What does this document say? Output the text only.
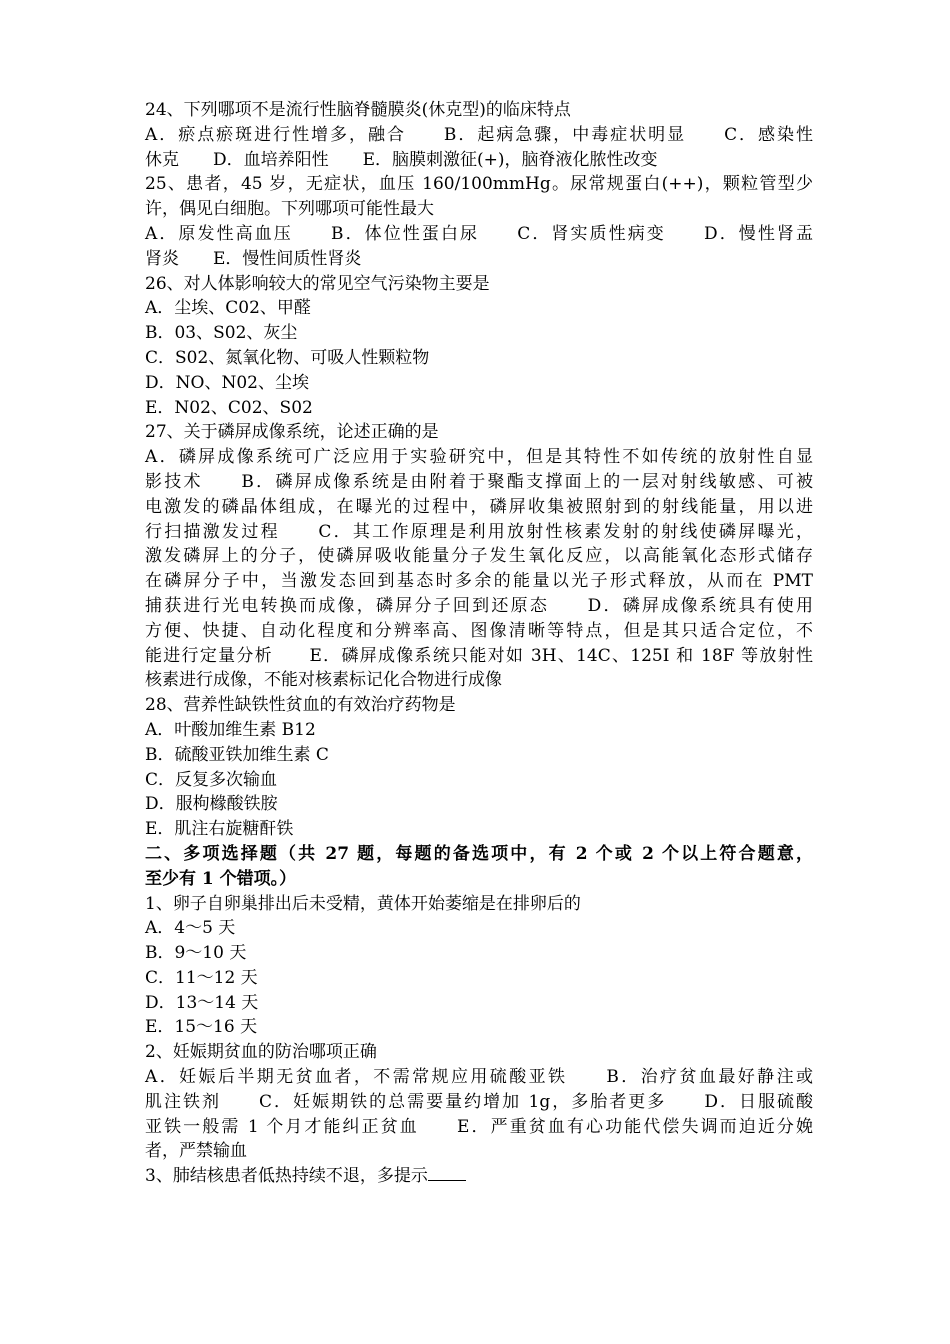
24、下列哪项不是流行性脑脊髓膜炎(休克型)的临床特点
A．瘀点瘀斑进行性增多，融合　　B．起病急骤，中毒症状明显　　C．感染性
休克　　D．血培养阳性　　E．脑膜刺激征(+)，脑脊液化脓性改变
25、患者，45 岁，无症状，血压 160/100mmHg。尿常规蛋白(++)，颗粒管型少
许，偶见白细胞。下列哪项可能性最大
A．原发性高血压　　B．体位性蛋白尿　　C．肾实质性病变　　D．慢性肾盂
肾炎　　E．慢性间质性肾炎
26、对人体影响较大的常见空气污染物主要是
A．尘埃、C02、甲醛
B．03、S02、灰尘
C．S02、氮氧化物、可吸人性颗粒物
D．NO、N02、尘埃
E．N02、C02、S02
27、关于磷屏成像系统，论述正确的是
A．磷屏成像系统可广泛应用于实验研究中，但是其特性不如传统的放射性自显
影技术　　B．磷屏成像系统是由附着于聚酯支撑面上的一层对射线敏感、可被
电激发的磷晶体组成，在曝光的过程中，磷屏收集被照射到的射线能量，用以进
行扫描激发过程　　C．其工作原理是利用放射性核素发射的射线使磷屏曝光，
激发磷屏上的分子，使磷屏吸收能量分子发生氧化反应，以高能氧化态形式储存
在磷屏分子中，当激发态回到基态时多余的能量以光子形式释放，从而在 PMT
捕获进行光电转换而成像，磷屏分子回到还原态　　D．磷屏成像系统具有使用
方便、快捷、自动化程度和分辨率高、图像清晰等特点，但是其只适合定位，不
能进行定量分析　　E．磷屏成像系统只能对如 3H、14C、125I 和 18F 等放射性
核素进行成像，不能对核素标记化合物进行成像
28、营养性缺铁性贫血的有效治疗药物是
A．叶酸加维生素 B12
B．硫酸亚铁加维生素 C
C．反复多次输血
D．服枸橼酸铁胺
E．肌注右旋糖酐铁
二、多项选择题（共 27 题，每题的备选项中，有 2 个或 2 个以上符合题意，
至少有 1 个错项。）
1、卵子自卵巢排出后未受精，黄体开始萎缩是在排卵后的
A．4～5 天
B．9～10 天
C．11～12 天
D．13～14 天
E．15～16 天
2、妊娠期贫血的防治哪项正确
A．妊娠后半期无贫血者，不需常规应用硫酸亚铁　　B．治疗贫血最好静注或
肌注铁剂　　C．妊娠期铁的总需要量约增加 1g，多胎者更多　　D．日服硫酸
亚铁一般需 1 个月才能纠正贫血　　E．严重贫血有心功能代偿失调而迫近分娩
者，严禁输血
3、肺结核患者低热持续不退，多提示
